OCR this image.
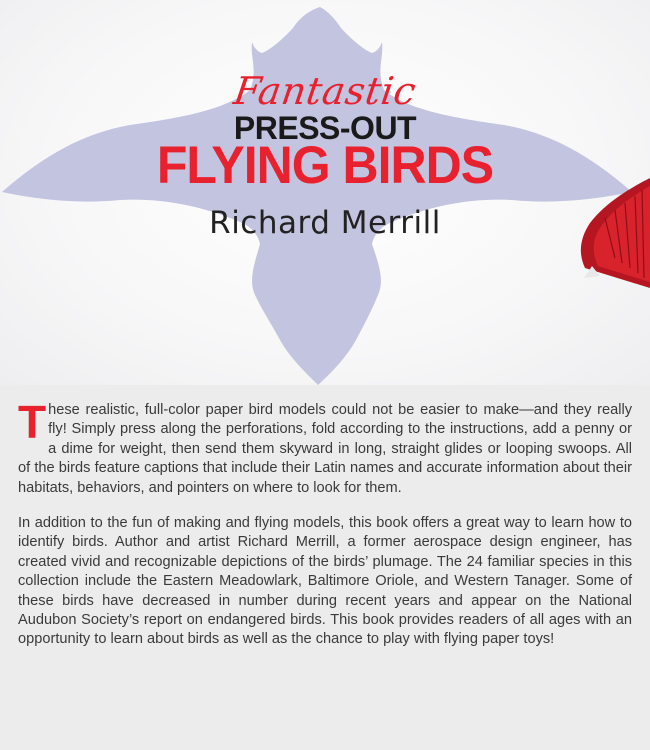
Fantastic
PRESS-OUT
FLYING BIRDS
Richard Merrill

These realistic, full-color paper bird models could not be easier to make—and they really fly! Simply press along the perforations, fold according to the instructions, add a penny or a dime for weight, then send them skyward in long, straight glides or looping swoops. All of the birds feature captions that include their Latin names and accurate information about their habitats, behaviors, and pointers on where to look for them.

In addition to the fun of making and flying models, this book offers a great way to learn how to identify birds. Author and artist Richard Merrill, a former aerospace design engineer, has created vivid and recognizable depictions of the birds’ plumage. The 24 familiar species in this collection include the Eastern Meadowlark, Baltimore Oriole, and Western Tanager. Some of these birds have decreased in number during recent years and appear on the National Audubon Society’s report on endangered birds. This book provides readers of all ages with an opportunity to learn about birds as well as the chance to play with flying paper toys!
